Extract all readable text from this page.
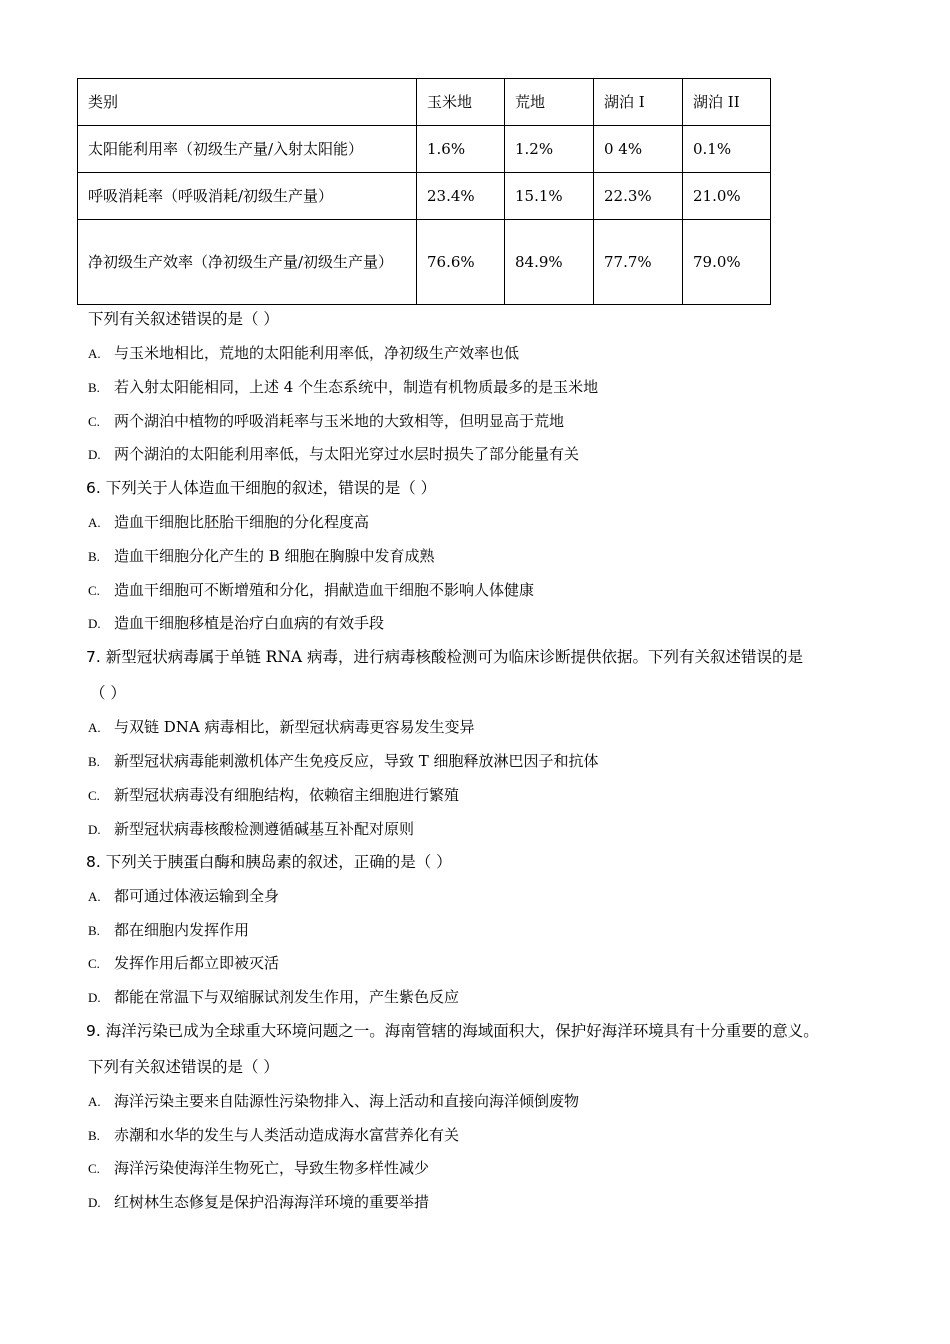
类别	玉米地	荒地	湖泊 I	湖泊 II
太阳能利用率（初级生产量/入射太阳能）	1.6%	1.2%	0 4%	0.1%
呼吸消耗率（呼吸消耗/初级生产量）	23.4%	15.1%	22.3%	21.0%
净初级生产效率（净初级生产量/初级生产量）	76.6%	84.9%	77.7%	79.0%
下列有关叙述错误的是（ ）
A. 与玉米地相比，荒地的太阳能利用率低，净初级生产效率也低
B. 若入射太阳能相同，上述 4 个生态系统中，制造有机物质最多的是玉米地
C. 两个湖泊中植物的呼吸消耗率与玉米地的大致相等，但明显高于荒地
D. 两个湖泊的太阳能利用率低，与太阳光穿过水层时损失了部分能量有关
6. 下列关于人体造血干细胞的叙述，错误的是（ ）
A. 造血干细胞比胚胎干细胞的分化程度高
B. 造血干细胞分化产生的 B 细胞在胸腺中发育成熟
C. 造血干细胞可不断增殖和分化，捐献造血干细胞不影响人体健康
D. 造血干细胞移植是治疗白血病的有效手段
7. 新型冠状病毒属于单链 RNA 病毒，进行病毒核酸检测可为临床诊断提供依据。下列有关叙述错误的是
（ ）
A. 与双链 DNA 病毒相比，新型冠状病毒更容易发生变异
B. 新型冠状病毒能刺激机体产生免疫反应，导致 T 细胞释放淋巴因子和抗体
C. 新型冠状病毒没有细胞结构，依赖宿主细胞进行繁殖
D. 新型冠状病毒核酸检测遵循碱基互补配对原则
8. 下列关于胰蛋白酶和胰岛素的叙述，正确的是（ ）
A. 都可通过体液运输到全身
B. 都在细胞内发挥作用
C. 发挥作用后都立即被灭活
D. 都能在常温下与双缩脲试剂发生作用，产生紫色反应
9. 海洋污染已成为全球重大环境问题之一。海南管辖的海域面积大，保护好海洋环境具有十分重要的意义。
下列有关叙述错误的是（ ）
A. 海洋污染主要来自陆源性污染物排入、海上活动和直接向海洋倾倒废物
B. 赤潮和水华的发生与人类活动造成海水富营养化有关
C. 海洋污染使海洋生物死亡，导致生物多样性减少
D. 红树林生态修复是保护沿海海洋环境的重要举措
